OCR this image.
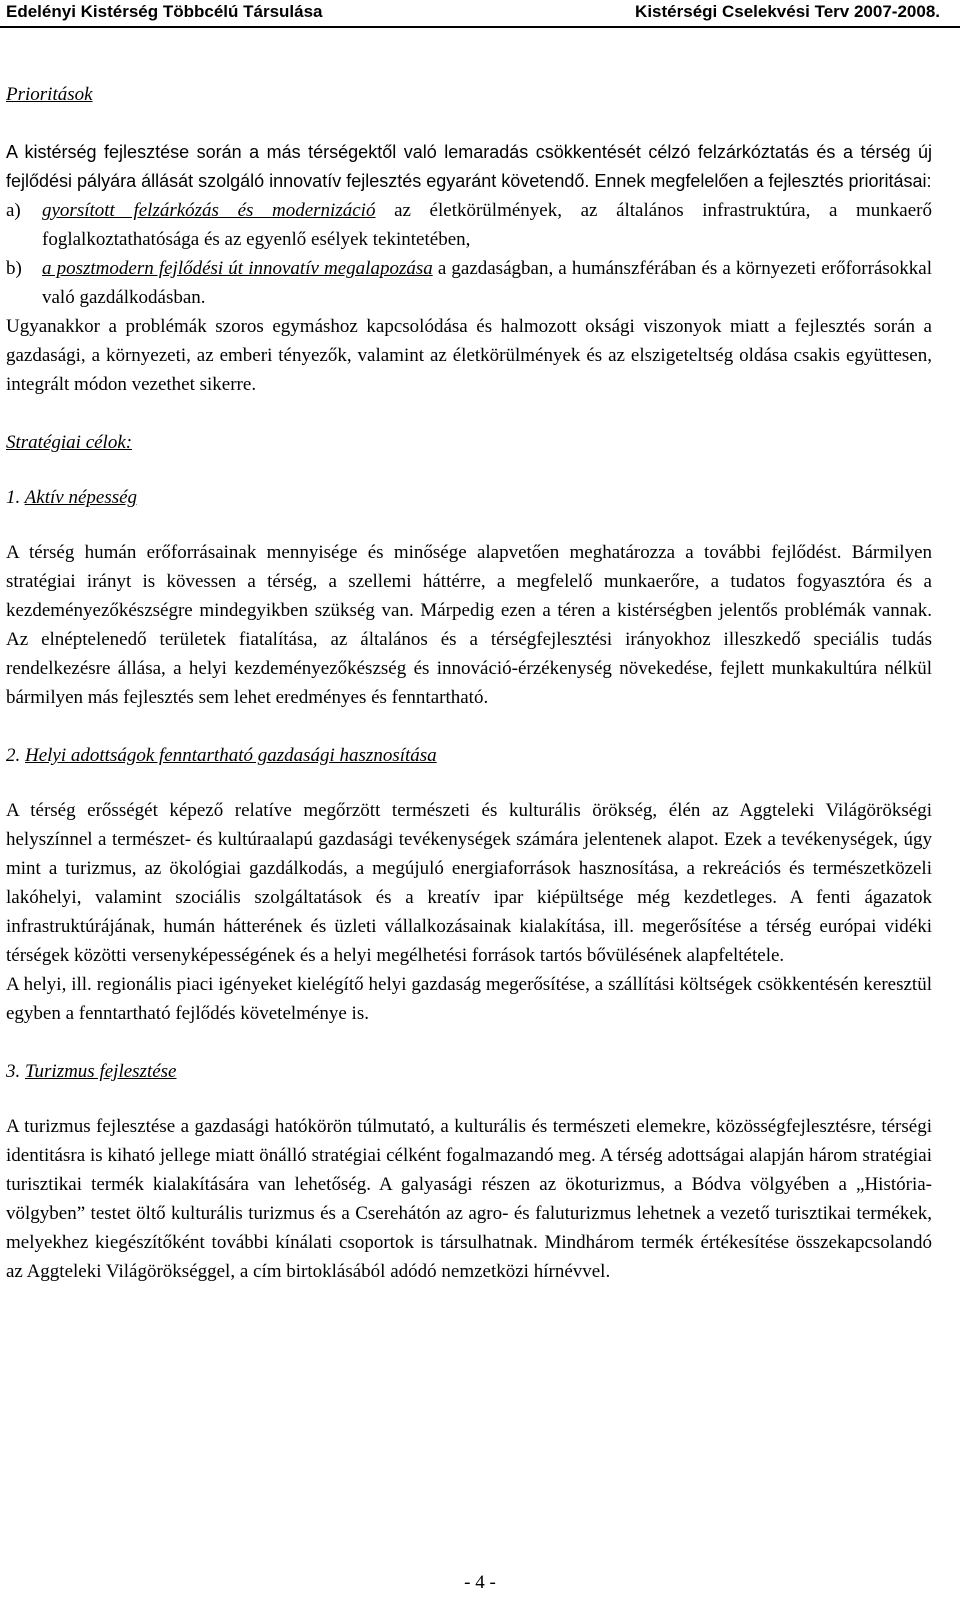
Edelényi Kistérség Többcélú Társulása	Kistérségi Cselekvési Terv 2007-2008.

Prioritások

A kistérség fejlesztése során a más térségektől való lemaradás csökkentését célzó felzárkóztatás és a térség új fejlődési pályára állását szolgáló innovatív fejlesztés egyaránt követendő. Ennek megfelelően a fejlesztés prioritásai:

a)	gyorsított felzárkózás és modernizáció az életkörülmények, az általános infrastruktúra, a munkaerő foglalkoztathatósága és az egyenlő esélyek tekintetében,
b)	a posztmodern fejlődési út innovatív megalapozása a gazdaságban, a humánszférában és a környezeti erőforrásokkal való gazdálkodásban.

Ugyanakkor a problémák szoros egymáshoz kapcsolódása és halmozott oksági viszonyok miatt a fejlesztés során a gazdasági, a környezeti, az emberi tényezők, valamint az életkörülmények és az elszigeteltség oldása csakis együttesen, integrált módon vezethet sikerre.

Stratégiai célok:

1. Aktív népesség

A térség humán erőforrásainak mennyisége és minősége alapvetően meghatározza a további fejlődést. Bármilyen stratégiai irányt is kövessen a térség, a szellemi háttérre, a megfelelő munkaerőre, a tudatos fogyasztóra és a kezdeményezőkészségre mindegyikben szükség van. Márpedig ezen a téren a kistérségben jelentős problémák vannak. Az elnéptelenedő területek fiatalítása, az általános és a térségfejlesztési irányokhoz illeszkedő speciális tudás rendelkezésre állása, a helyi kezdeményezőkészség és innováció-érzékenység növekedése, fejlett munkakultúra nélkül bármilyen más fejlesztés sem lehet eredményes és fenntartható.

2. Helyi adottságok fenntartható gazdasági hasznosítása

A térség erősségét képező relatíve megőrzött természeti és kulturális örökség, élén az Aggteleki Világörökségi helyszínnel a természet- és kultúraalapú gazdasági tevékenységek számára jelentenek alapot. Ezek a tevékenységek, úgy mint a turizmus, az ökológiai gazdálkodás, a megújuló energiaforrások hasznosítása, a rekreációs és természetközeli lakóhelyi, valamint szociális szolgáltatások és a kreatív ipar kiépültsége még kezdetleges. A fenti ágazatok infrastruktúrájának, humán hátterének és üzleti vállalkozásainak kialakítása, ill. megerősítése a térség európai vidéki térségek közötti versenyképességének és a helyi megélhetési források tartós bővülésének alapfeltétele.

A helyi, ill. regionális piaci igényeket kielégítő helyi gazdaság megerősítése, a szállítási költségek csökkentésén keresztül egyben a fenntartható fejlődés követelménye is.

3. Turizmus fejlesztése

A turizmus fejlesztése a gazdasági hatókörön túlmutató, a kulturális és természeti elemekre, közösségfejlesztésre, térségi identitásra is kiható jellege miatt önálló stratégiai célként fogalmazandó meg. A térség adottságai alapján három stratégiai turisztikai termék kialakítására van lehetőség. A galyasági részen az ökoturizmus, a Bódva völgyében a „História-völgyben” testet öltő kulturális turizmus és a Cserehátón az agro- és faluturizmus lehetnek a vezető turisztikai termékek, melyekhez kiegészítőként további kínálati csoportok is társulhatnak. Mindhárom termék értékesítése összekapcsolandó az Aggteleki Világörökséggel, a cím birtoklásából adódó nemzetközi hírnévvel.

- 4 -
